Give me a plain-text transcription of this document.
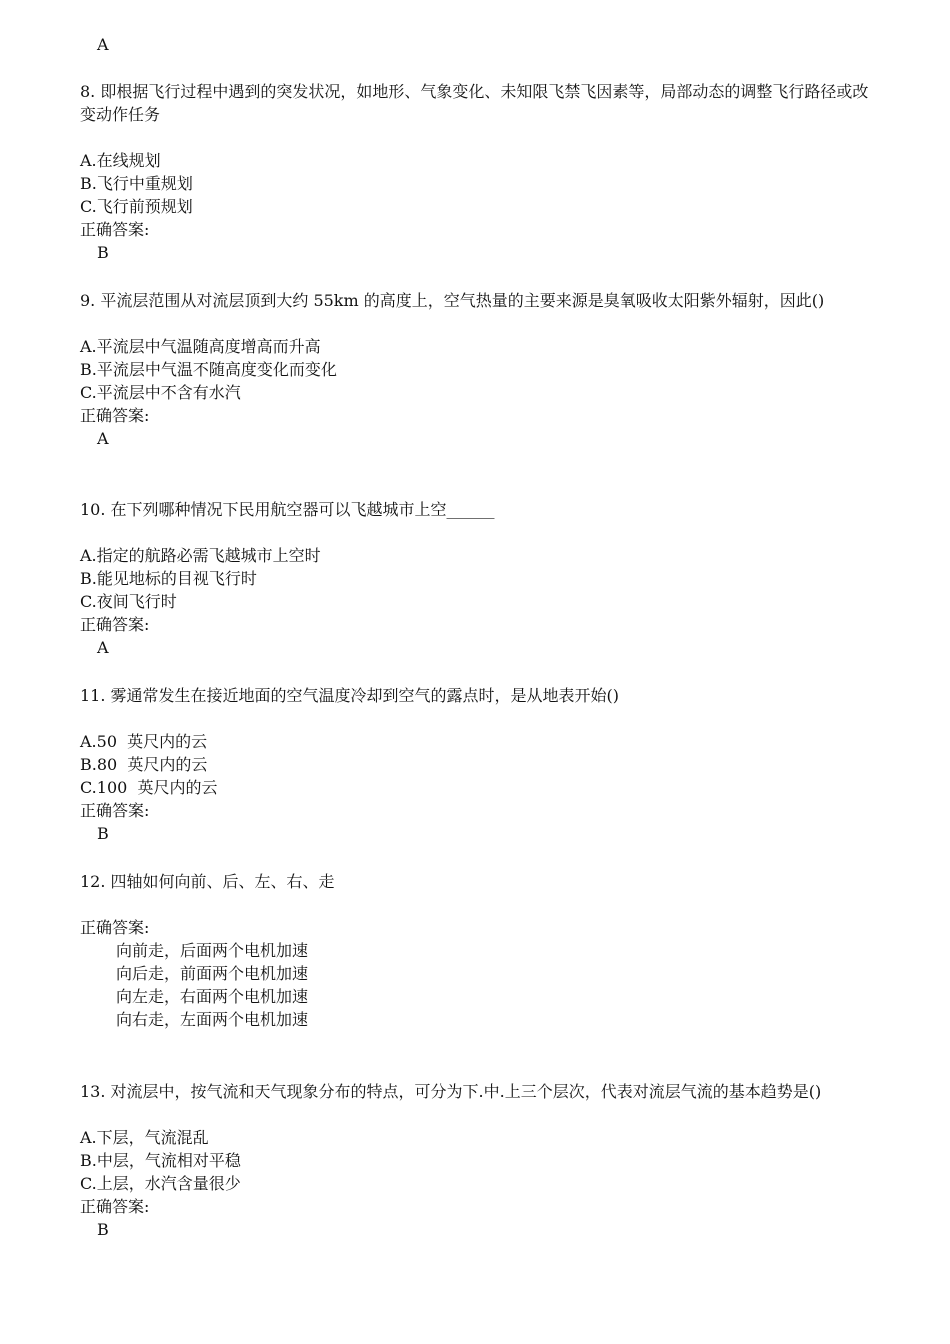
A

8. 即根据飞行过程中遇到的突发状况，如地形、气象变化、未知限飞禁飞因素等，局部动态的调整飞行路径或改变动作任务

A.在线规划
B.飞行中重规划
C.飞行前预规划
正确答案:
B

9. 平流层范围从对流层顶到大约 55km 的高度上，空气热量的主要来源是臭氧吸收太阳紫外辐射，因此()

A.平流层中气温随高度增高而升高
B.平流层中气温不随高度变化而变化
C.平流层中不含有水汽
正确答案:
A

10. 在下列哪种情况下民用航空器可以飞越城市上空______

A.指定的航路必需飞越城市上空时
B.能见地标的目视飞行时
C.夜间飞行时
正确答案:
A

11. 雾通常发生在接近地面的空气温度冷却到空气的露点时，是从地表开始()

A.50  英尺内的云
B.80  英尺内的云
C.100  英尺内的云
正确答案:
B

12. 四轴如何向前、后、左、右、走

正确答案:
向前走，后面两个电机加速
向后走，前面两个电机加速
向左走，右面两个电机加速
向右走，左面两个电机加速

13. 对流层中，按气流和天气现象分布的特点，可分为下.中.上三个层次，代表对流层气流的基本趋势是()

A.下层，气流混乱
B.中层，气流相对平稳
C.上层，水汽含量很少
正确答案:
B
